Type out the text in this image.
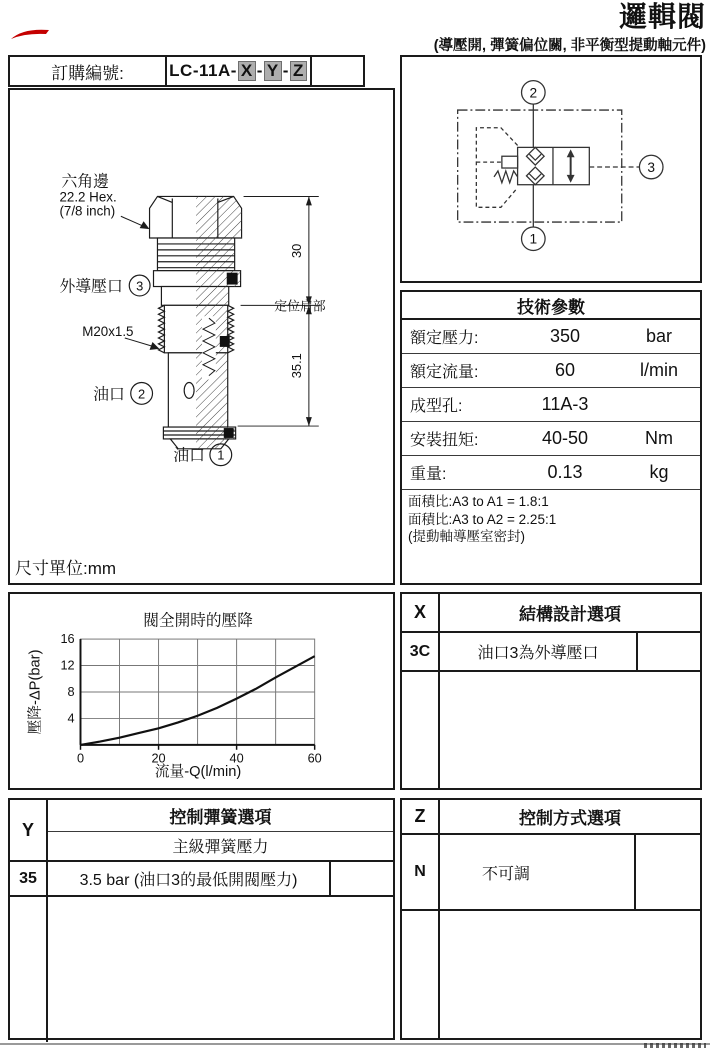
邏輯閥
(導壓開, 彈簧偏位關, 非平衡型提動軸元件)
訂購編號:	LC-11A- X - Y - Z
30
35.1
定位肩部
六角邊
22.2 Hex.
(7/8 inch)
外導壓口 3
M20x1.5
油口 2
油口 1
尺寸單位:mm
2
1
3
技術參數
額定壓力:	350	bar
額定流量:	60	l/min
成型孔:	11A-3
安裝扭矩:	40-50	Nm
重量:	0.13	kg
面積比:A3 to A1 = 1.8:1
面積比:A3 to A2 = 2.25:1
(提動軸導壓室密封)
閥全開時的壓降
流量-Q(l/min)
壓降-ΔP(bar)
0	20	40	60
4
8
12
16
X	結構設計選項
3C	油口3為外導壓口
Y
控制彈簧選項
主級彈簧壓力
35	3.5 bar (油口3的最低開閥壓力)
Z	控制方式選項
N	不可調
